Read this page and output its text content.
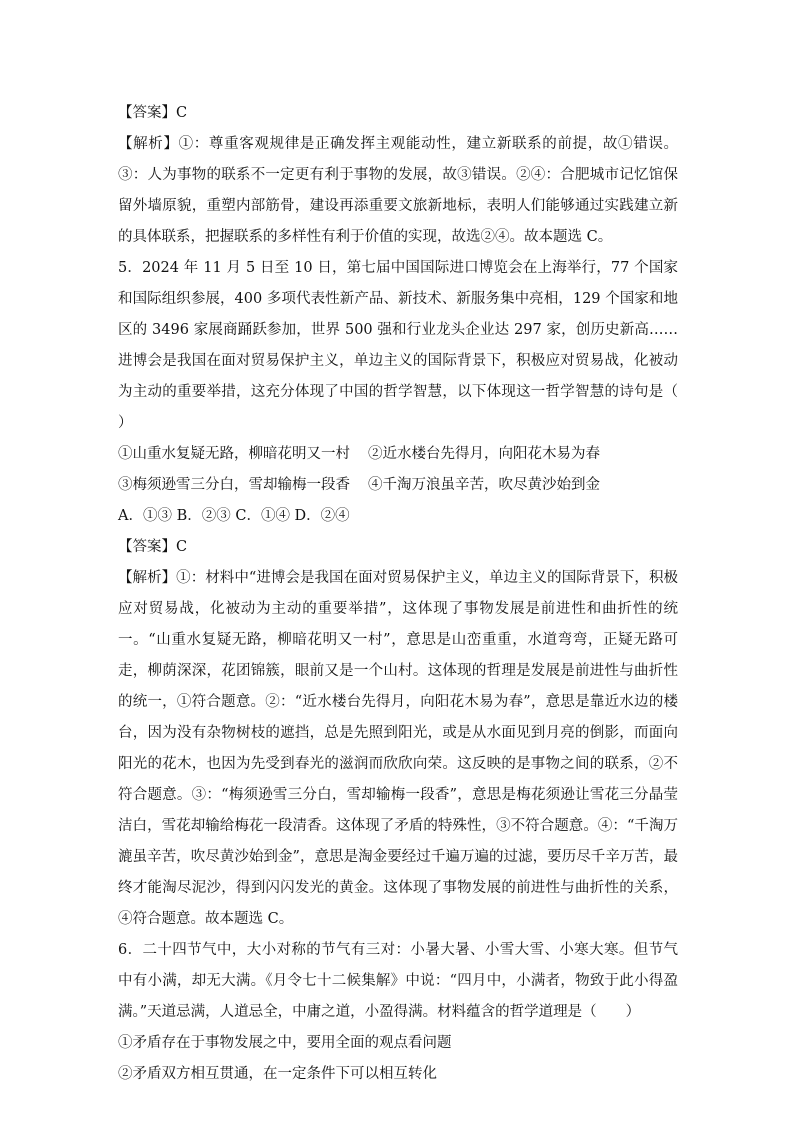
【答案】C

【解析】①：尊重客观规律是正确发挥主观能动性，建立新联系的前提，故①错误。③：人为事物的联系不一定更有利于事物的发展，故③错误。②④：合肥城市记忆馆保留外墙原貌，重塑内部筋骨，建设再添重要文旅新地标，表明人们能够通过实践建立新的具体联系，把握联系的多样性有利于价值的实现，故选②④。故本题选 C。

5．2024 年 11 月 5 日至 10 日，第七届中国国际进口博览会在上海举行，77 个国家和国际组织参展，400 多项代表性新产品、新技术、新服务集中亮相，129 个国家和地区的 3496 家展商踊跃参加，世界 500 强和行业龙头企业达 297 家，创历史新高……进博会是我国在面对贸易保护主义，单边主义的国际背景下，积极应对贸易战，化被动为主动的重要举措，这充分体现了中国的哲学智慧，以下体现这一哲学智慧的诗句是（　　）

①山重水复疑无路，柳暗花明又一村 ②近水楼台先得月，向阳花木易为春
③梅须逊雪三分白，雪却输梅一段香 ④千淘万浪虽辛苦，吹尽黄沙始到金

A．①③ B．②③ C．①④ D．②④

【答案】C

【解析】①：材料中“进博会是我国在面对贸易保护主义，单边主义的国际背景下，积极应对贸易战，化被动为主动的重要举措”，这体现了事物发展是前进性和曲折性的统一。“山重水复疑无路，柳暗花明又一村”，意思是山峦重重，水道弯弯，正疑无路可走，柳荫深深，花团锦簇，眼前又是一个山村。这体现的哲理是发展是前进性与曲折性的统一，①符合题意。②：“近水楼台先得月，向阳花木易为春”，意思是靠近水边的楼台，因为没有杂物树枝的遮挡，总是先照到阳光，或是从水面见到月亮的倒影，而面向阳光的花木，也因为先受到春光的滋润而欣欣向荣。这反映的是事物之间的联系，②不符合题意。③：“梅须逊雪三分白，雪却输梅一段香”，意思是梅花须逊让雪花三分晶莹洁白，雪花却输给梅花一段清香。这体现了矛盾的特殊性，③不符合题意。④：“千淘万漉虽辛苦，吹尽黄沙始到金”，意思是淘金要经过千遍万遍的过滤，要历尽千辛万苦，最终才能淘尽泥沙，得到闪闪发光的黄金。这体现了事物发展的前进性与曲折性的关系，④符合题意。故本题选 C。

6．二十四节气中，大小对称的节气有三对：小暑大暑、小雪大雪、小寒大寒。但节气中有小满，却无大满。《月令七十二候集解》中说：“四月中，小满者，物致于此小得盈满。”天道忌满，人道忌全，中庸之道，小盈得满。材料蕴含的哲学道理是（　　）

①矛盾存在于事物发展之中，要用全面的观点看问题

②矛盾双方相互贯通，在一定条件下可以相互转化
